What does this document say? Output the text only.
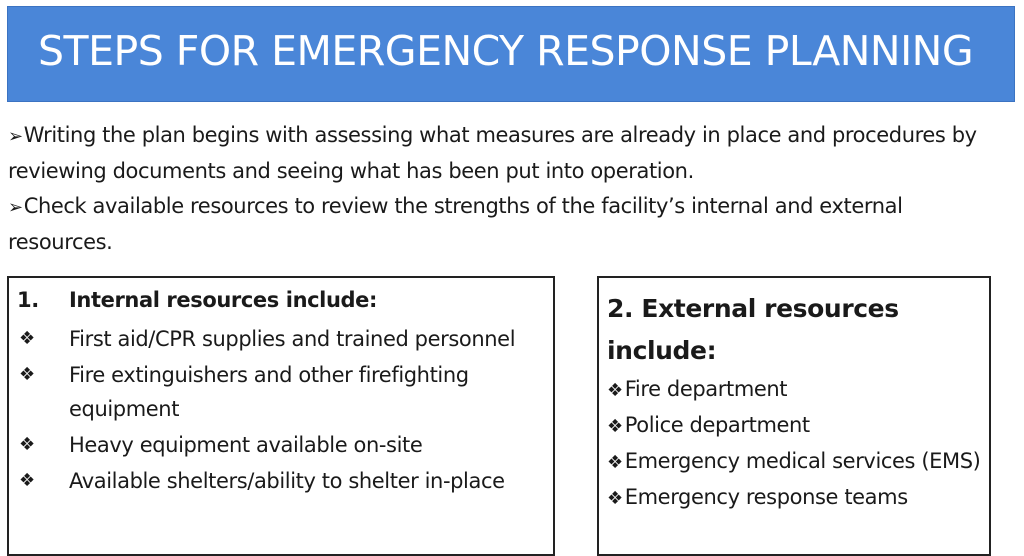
STEPS FOR EMERGENCY RESPONSE PLANNING

➢Writing the plan begins with assessing what measures are already in place and procedures by reviewing documents and seeing what has been put into operation.

➢Check available resources to review the strengths of the facility’s internal and external resources.

1. Internal resources include:
❖ First aid/CPR supplies and trained personnel
❖ Fire extinguishers and other firefighting equipment
❖ Heavy equipment available on-site
❖ Available shelters/ability to shelter in-place
2. External resources include:
❖Fire department
❖Police department
❖Emergency medical services (EMS)
❖Emergency response teams
